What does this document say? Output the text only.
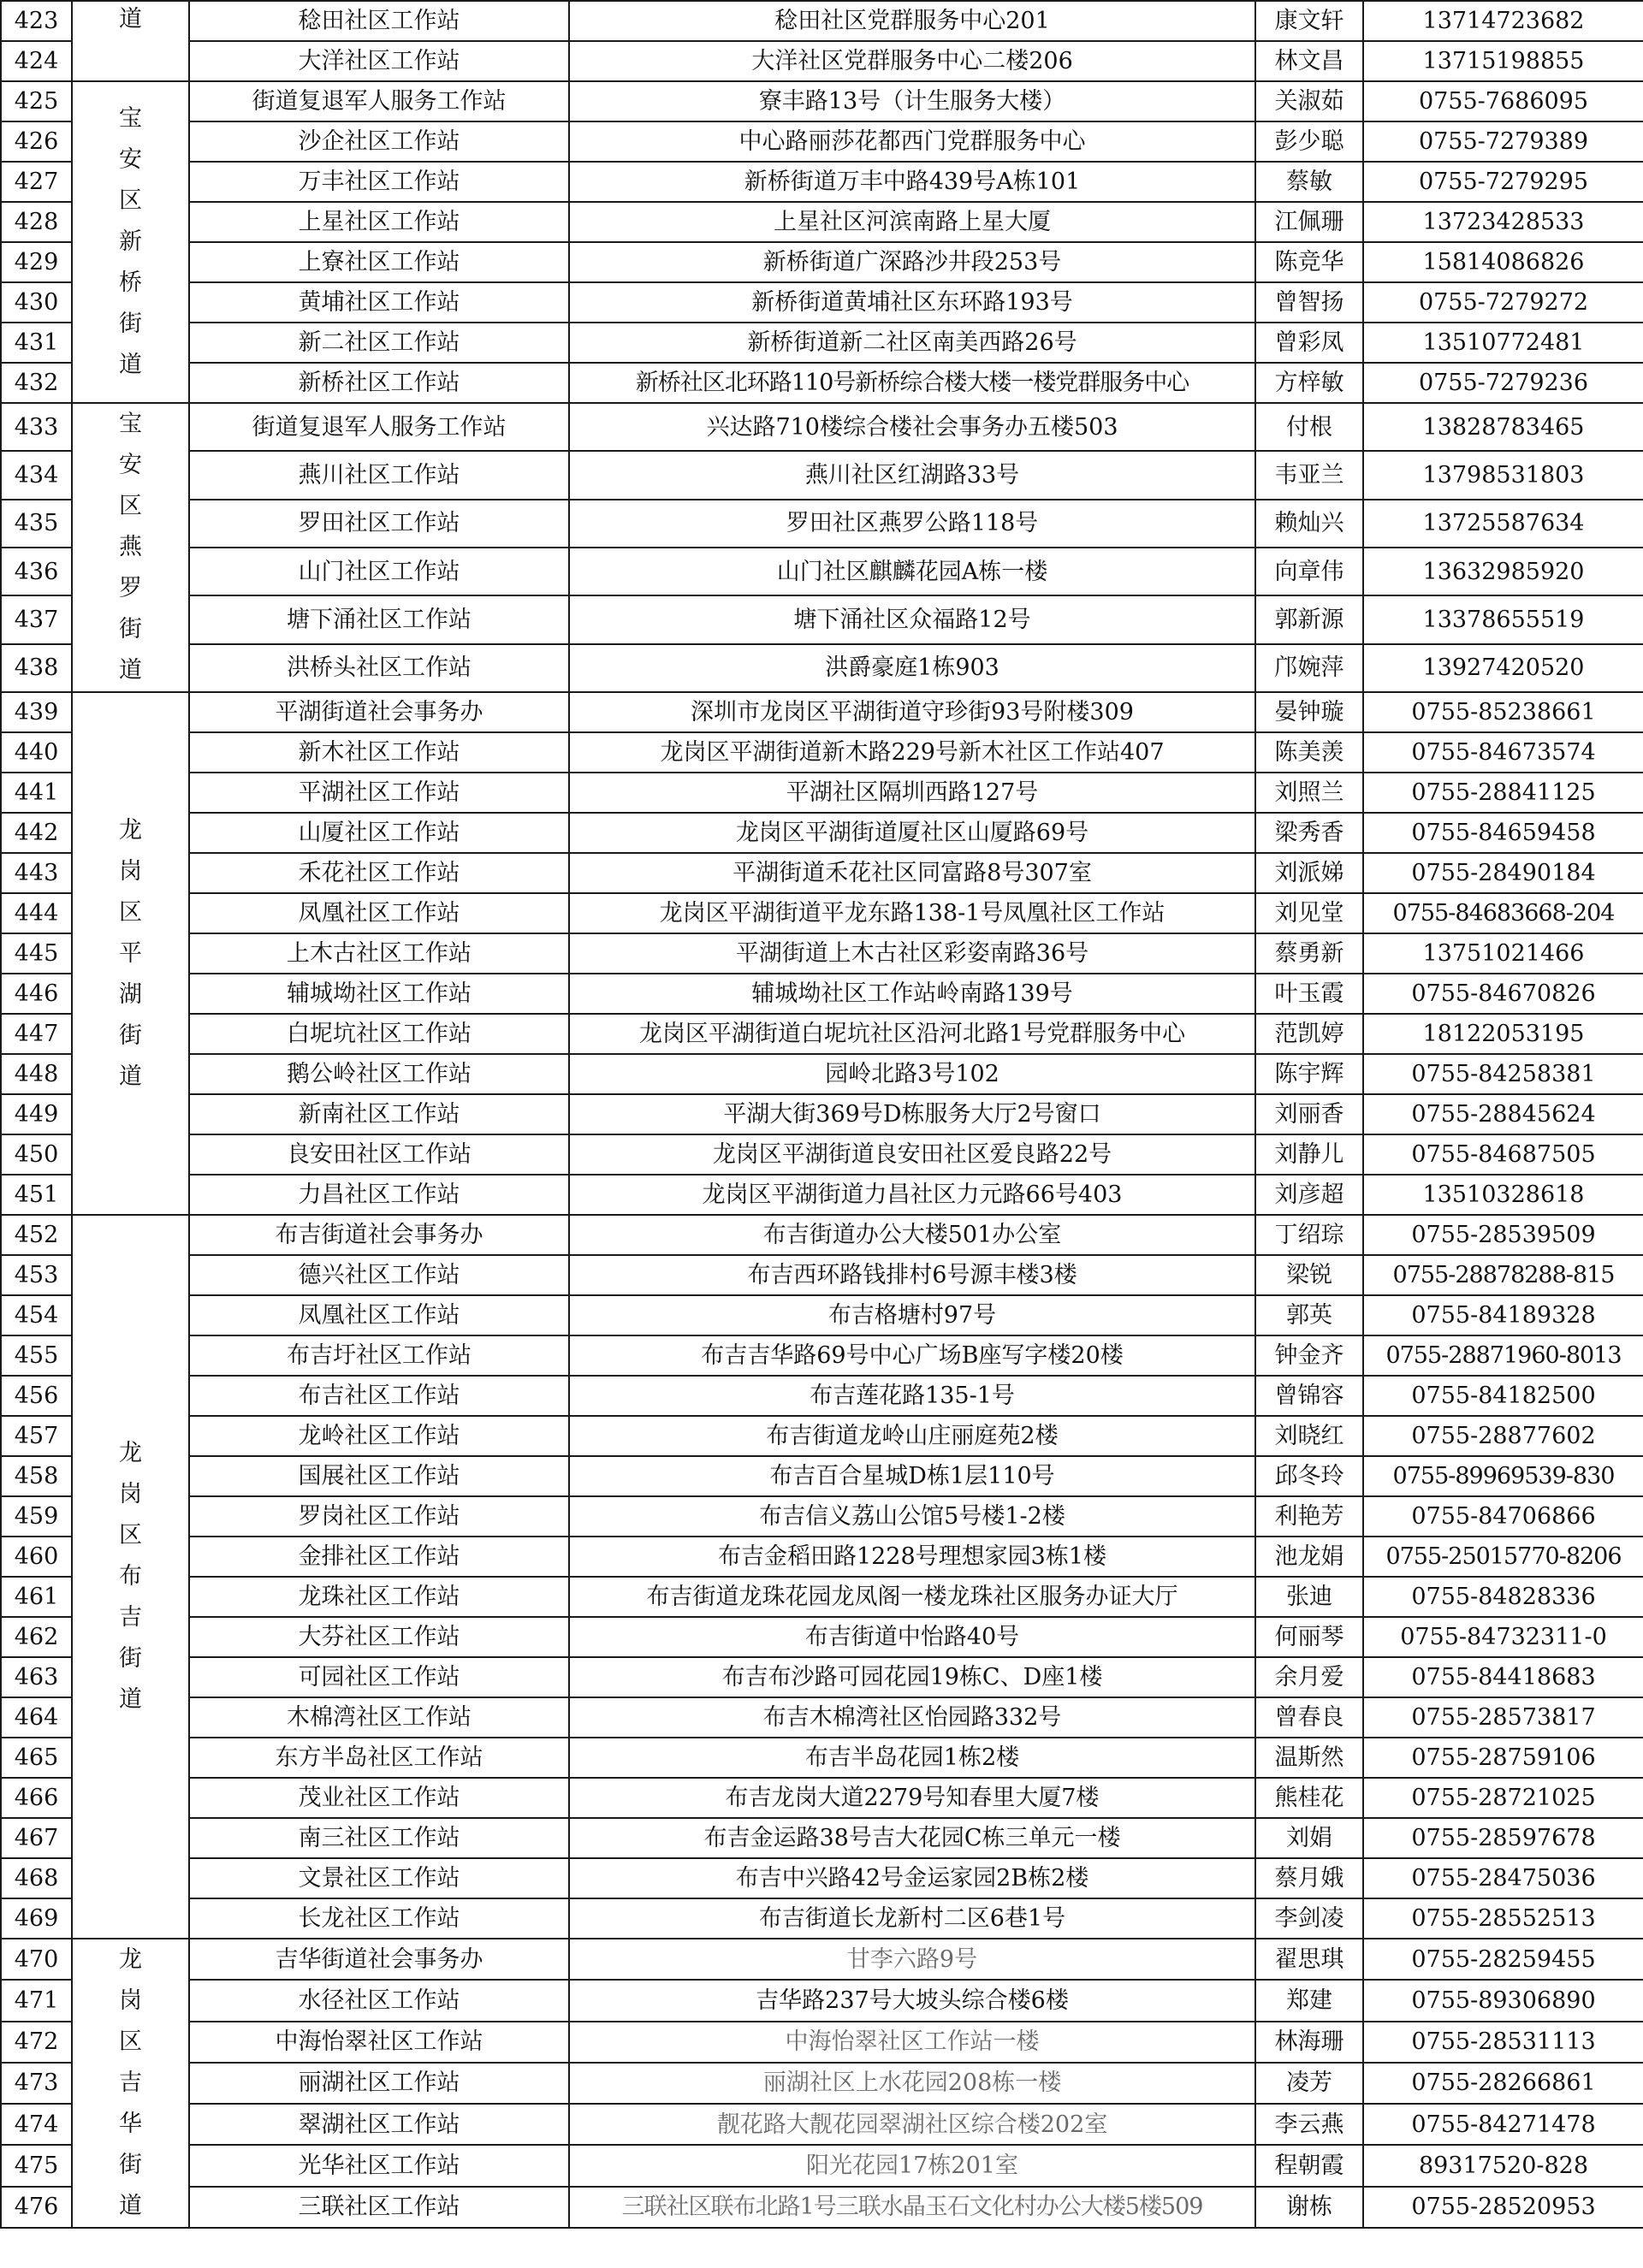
423	道	稔田社区工作站	稔田社区党群服务中心201	康文轩	13714723682
424		大洋社区工作站	大洋社区党群服务中心二楼206	林文昌	13715198855
425	宝安区新桥街道	街道复退军人服务工作站	寮丰路13号（计生服务大楼）	关淑茹	0755-7686095
426		沙企社区工作站	中心路丽莎花都西门党群服务中心	彭少聪	0755-7279389
427		万丰社区工作站	新桥街道万丰中路439号A栋101	蔡敏	0755-7279295
428		上星社区工作站	上星社区河滨南路上星大厦	江佩珊	13723428533
429		上寮社区工作站	新桥街道广深路沙井段253号	陈竞华	15814086826
430		黄埔社区工作站	新桥街道黄埔社区东环路193号	曾智扬	0755-7279272
431		新二社区工作站	新桥街道新二社区南美西路26号	曾彩凤	13510772481
432		新桥社区工作站	新桥社区北环路110号新桥综合楼大楼一楼党群服务中心	方梓敏	0755-7279236
433	宝安区燕罗街道	街道复退军人服务工作站	兴达路710楼综合楼社会事务办五楼503	付根	13828783465
434		燕川社区工作站	燕川社区红湖路33号	韦亚兰	13798531803
435		罗田社区工作站	罗田社区燕罗公路118号	赖灿兴	13725587634
436		山门社区工作站	山门社区麒麟花园A栋一楼	向章伟	13632985920
437		塘下涌社区工作站	塘下涌社区众福路12号	郭新源	13378655519
438		洪桥头社区工作站	洪爵豪庭1栋903	邝婉萍	13927420520
439	龙岗区平湖街道	平湖街道社会事务办	深圳市龙岗区平湖街道守珍街93号附楼309	晏钟璇	0755-85238661
440		新木社区工作站	龙岗区平湖街道新木路229号新木社区工作站407	陈美羡	0755-84673574
441		平湖社区工作站	平湖社区隔圳西路127号	刘照兰	0755-28841125
442		山厦社区工作站	龙岗区平湖街道厦社区山厦路69号	梁秀香	0755-84659458
443		禾花社区工作站	平湖街道禾花社区同富路8号307室	刘派娣	0755-28490184
444		凤凰社区工作站	龙岗区平湖街道平龙东路138-1号凤凰社区工作站	刘见堂	0755-84683668-204
445		上木古社区工作站	平湖街道上木古社区彩姿南路36号	蔡勇新	13751021466
446		辅城坳社区工作站	辅城坳社区工作站岭南路139号	叶玉霞	0755-84670826
447		白坭坑社区工作站	龙岗区平湖街道白坭坑社区沿河北路1号党群服务中心	范凯婷	18122053195
448		鹅公岭社区工作站	园岭北路3号102	陈宇辉	0755-84258381
449		新南社区工作站	平湖大街369号D栋服务大厅2号窗口	刘丽香	0755-28845624
450		良安田社区工作站	龙岗区平湖街道良安田社区爱良路22号	刘静儿	0755-84687505
451		力昌社区工作站	龙岗区平湖街道力昌社区力元路66号403	刘彦超	13510328618
452	龙岗区布吉街道	布吉街道社会事务办	布吉街道办公大楼501办公室	丁绍琮	0755-28539509
453		德兴社区工作站	布吉西环路钱排村6号源丰楼3楼	梁锐	0755-28878288-815
454		凤凰社区工作站	布吉格塘村97号	郭英	0755-84189328
455		布吉圩社区工作站	布吉吉华路69号中心广场B座写字楼20楼	钟金齐	0755-28871960-8013
456		布吉社区工作站	布吉莲花路135-1号	曾锦容	0755-84182500
457		龙岭社区工作站	布吉街道龙岭山庄丽庭苑2楼	刘晓红	0755-28877602
458		国展社区工作站	布吉百合星城D栋1层110号	邱冬玲	0755-89969539-830
459		罗岗社区工作站	布吉信义荔山公馆5号楼1-2楼	利艳芳	0755-84706866
460		金排社区工作站	布吉金稻田路1228号理想家园3栋1楼	池龙娟	0755-25015770-8206
461		龙珠社区工作站	布吉街道龙珠花园龙凤阁一楼龙珠社区服务办证大厅	张迪	0755-84828336
462		大芬社区工作站	布吉街道中怡路40号	何丽琴	0755-84732311-0
463		可园社区工作站	布吉布沙路可园花园19栋C、D座1楼	余月爱	0755-84418683
464		木棉湾社区工作站	布吉木棉湾社区怡园路332号	曾春良	0755-28573817
465		东方半岛社区工作站	布吉半岛花园1栋2楼	温斯然	0755-28759106
466		茂业社区工作站	布吉龙岗大道2279号知春里大厦7楼	熊桂花	0755-28721025
467		南三社区工作站	布吉金运路38号吉大花园C栋三单元一楼	刘娟	0755-28597678
468		文景社区工作站	布吉中兴路42号金运家园2B栋2楼	蔡月娥	0755-28475036
469		长龙社区工作站	布吉街道长龙新村二区6巷1号	李剑凌	0755-28552513
470	龙岗区吉华街道	吉华街道社会事务办	甘李六路9号	翟思琪	0755-28259455
471		水径社区工作站	吉华路237号大坡头综合楼6楼	郑建	0755-89306890
472		中海怡翠社区工作站	中海怡翠社区工作站一楼	林海珊	0755-28531113
473		丽湖社区工作站	丽湖社区上水花园208栋一楼	凌芳	0755-28266861
474		翠湖社区工作站	靓花路大靓花园翠湖社区综合楼202室	李云燕	0755-84271478
475		光华社区工作站	阳光花园17栋201室	程朝霞	89317520-828
476		三联社区工作站	三联社区联布北路1号三联水晶玉石文化村办公大楼5楼509	谢栋	0755-28520953
